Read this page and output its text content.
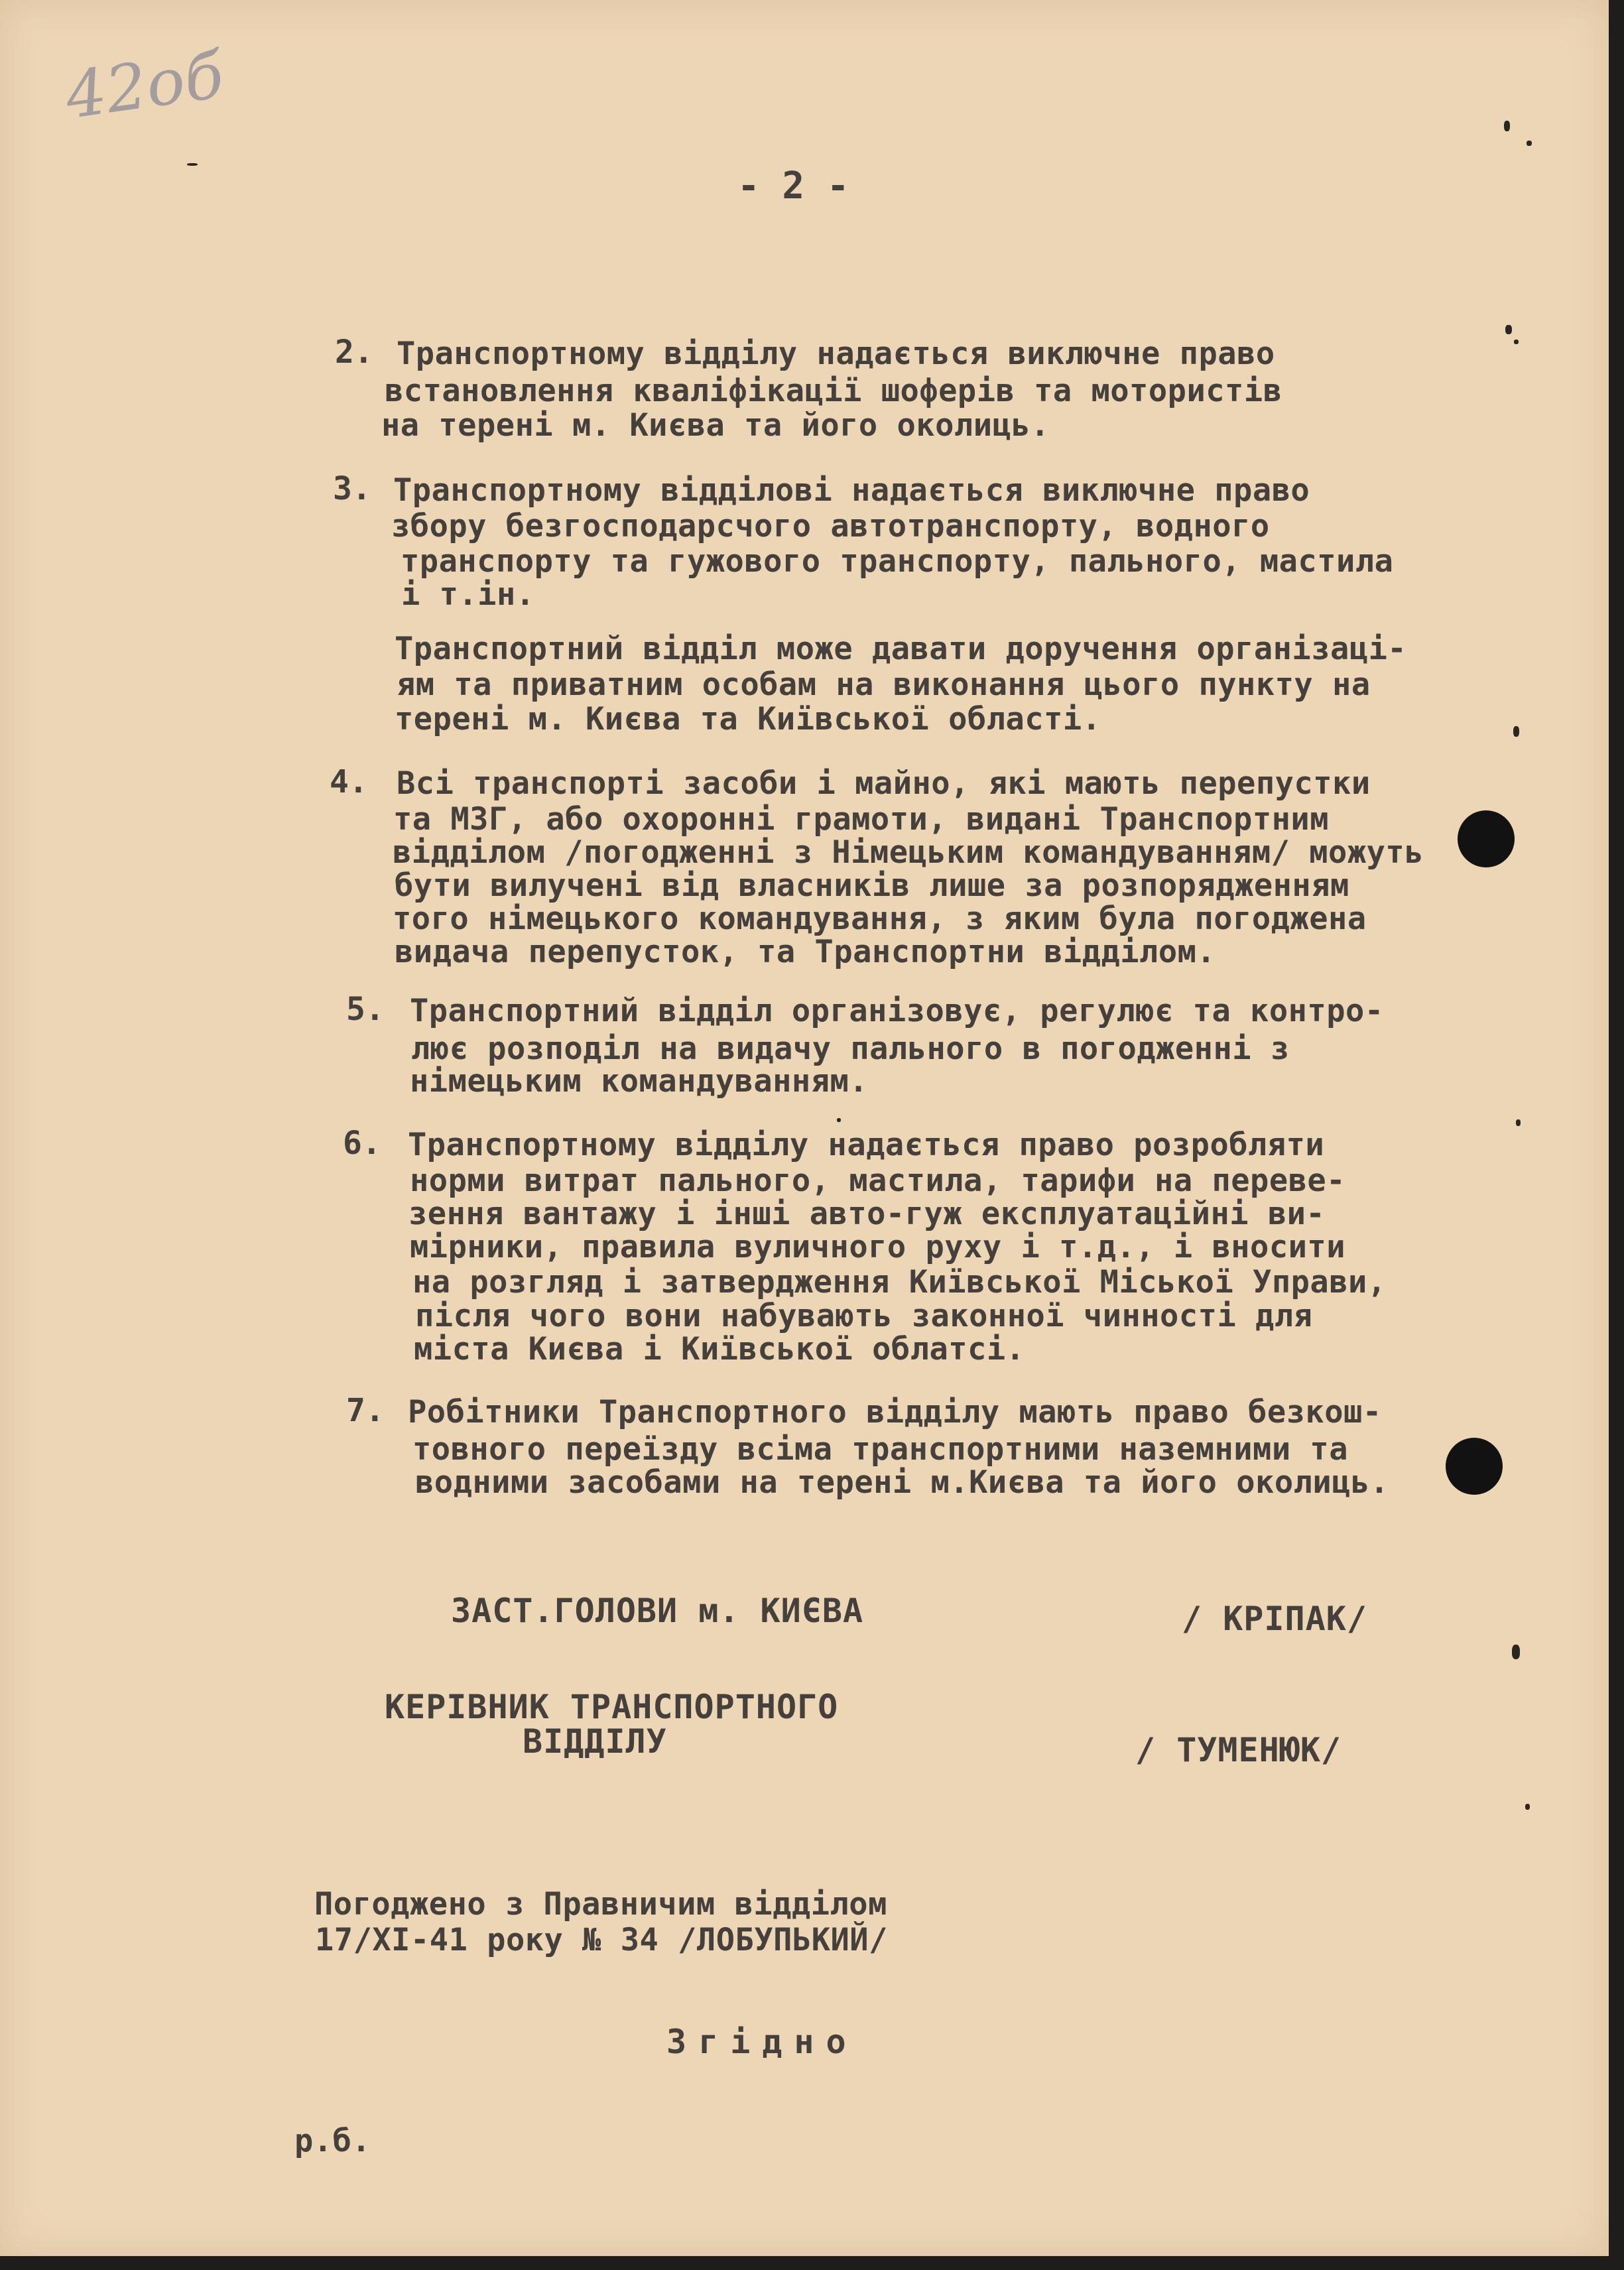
42об
- 2 -
2. Транспортному відділу надається виключне право
встановлення кваліфікації шоферів та мотористів
на терені м. Києва та його околиць.
3. Транспортному відділові надається виключне право
збору безгосподарсчого автотранспорту, водного
транспорту та гужового транспорту, пального, мастила
і т.ін.
Транспортний відділ може давати доручення організаці-
ям та приватним особам на виконання цього пункту на
терені м. Києва та Київської області.
4. Всі транспорті засоби і майно, які мають перепустки
та МЗГ, або охоронні грамоти, видані Транспортним
відділом /погодженні з Німецьким командуванням/ можуть
бути вилучені від власників лише за розпорядженням
того німецького командування, з яким була погоджена
видача перепусток, та Транспортни відділом.
5. Транспортний відділ організовує, регулює та контро-
лює розподіл на видачу пального в погодженні з
німецьким командуванням.
6. Транспортному відділу надається право розробляти
норми витрат пального, мастила, тарифи на переве-
зення вантажу і інші авто-гуж експлуатаційні ви-
мірники, правила вуличного руху і т.д., і вносити
на розгляд і затвердження Київської Міської Управи,
після чого вони набувають законної чинності для
міста Києва і Київської облатсі.
7. Робітники Транспортного відділу мають право безкош-
товного переїзду всіма транспортними наземними та
водними засобами на терені м.Києва та його околиць.
ЗАСТ.ГОЛОВИ м. КИЄВА	/ КРІПАК/
КЕРІВНИК ТРАНСПОРТНОГО
ВІДДІЛУ	/ ТУМЕНЮК/
Погоджено з Правничим відділом
17/ХІ-41 року № 34 /ЛОБУПЬКИЙ/
Згідно
р.б.
